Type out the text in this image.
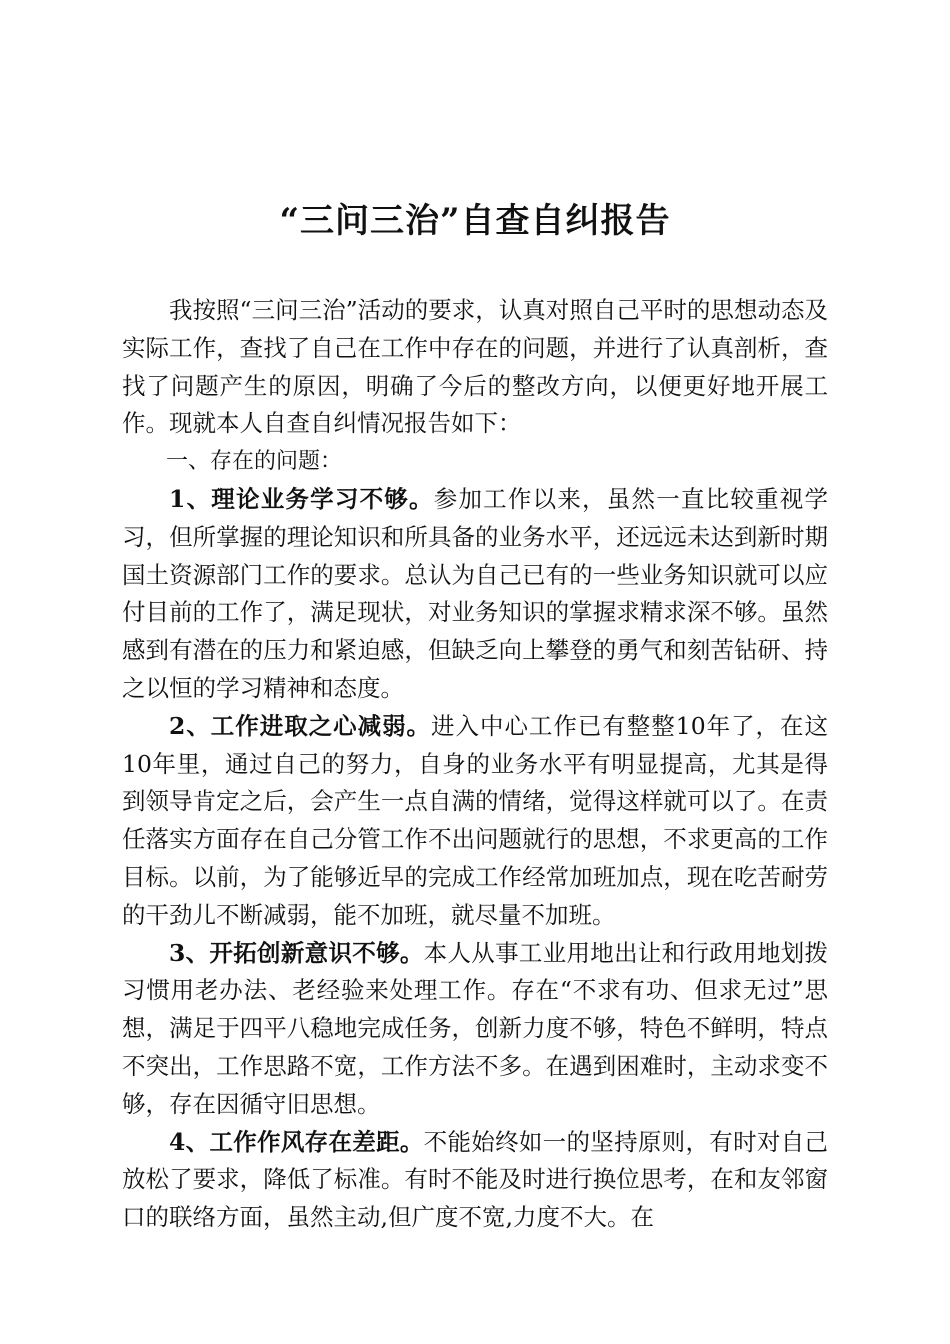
“三问三治”自查自纠报告

我按照“三问三治”活动的要求，认真对照自己平时的思想动态及实际工作，查找了自己在工作中存在的问题，并进行了认真剖析，查找了问题产生的原因，明确了今后的整改方向，以便更好地开展工作。现就本人自查自纠情况报告如下：

一、存在的问题：

1、理论业务学习不够。参加工作以来，虽然一直比较重视学习，但所掌握的理论知识和所具备的业务水平，还远远未达到新时期国土资源部门工作的要求。总认为自己已有的一些业务知识就可以应付目前的工作了，满足现状，对业务知识的掌握求精求深不够。虽然感到有潜在的压力和紧迫感，但缺乏向上攀登的勇气和刻苦钻研、持之以恒的学习精神和态度。

2、工作进取之心减弱。进入中心工作已有整整10年了，在这10年里，通过自己的努力，自身的业务水平有明显提高，尤其是得到领导肯定之后，会产生一点自满的情绪，觉得这样就可以了。在责任落实方面存在自己分管工作不出问题就行的思想，不求更高的工作目标。以前，为了能够近早的完成工作经常加班加点，现在吃苦耐劳的干劲儿不断减弱，能不加班，就尽量不加班。

3、开拓创新意识不够。本人从事工业用地出让和行政用地划拨习惯用老办法、老经验来处理工作。存在“不求有功、但求无过”思想，满足于四平八稳地完成任务，创新力度不够，特色不鲜明，特点不突出，工作思路不宽，工作方法不多。在遇到困难时，主动求变不够，存在因循守旧思想。

4、工作作风存在差距。不能始终如一的坚持原则，有时对自己放松了要求，降低了标准。有时不能及时进行换位思考，在和友邻窗口的联络方面，虽然主动,但广度不宽,力度不大。在
